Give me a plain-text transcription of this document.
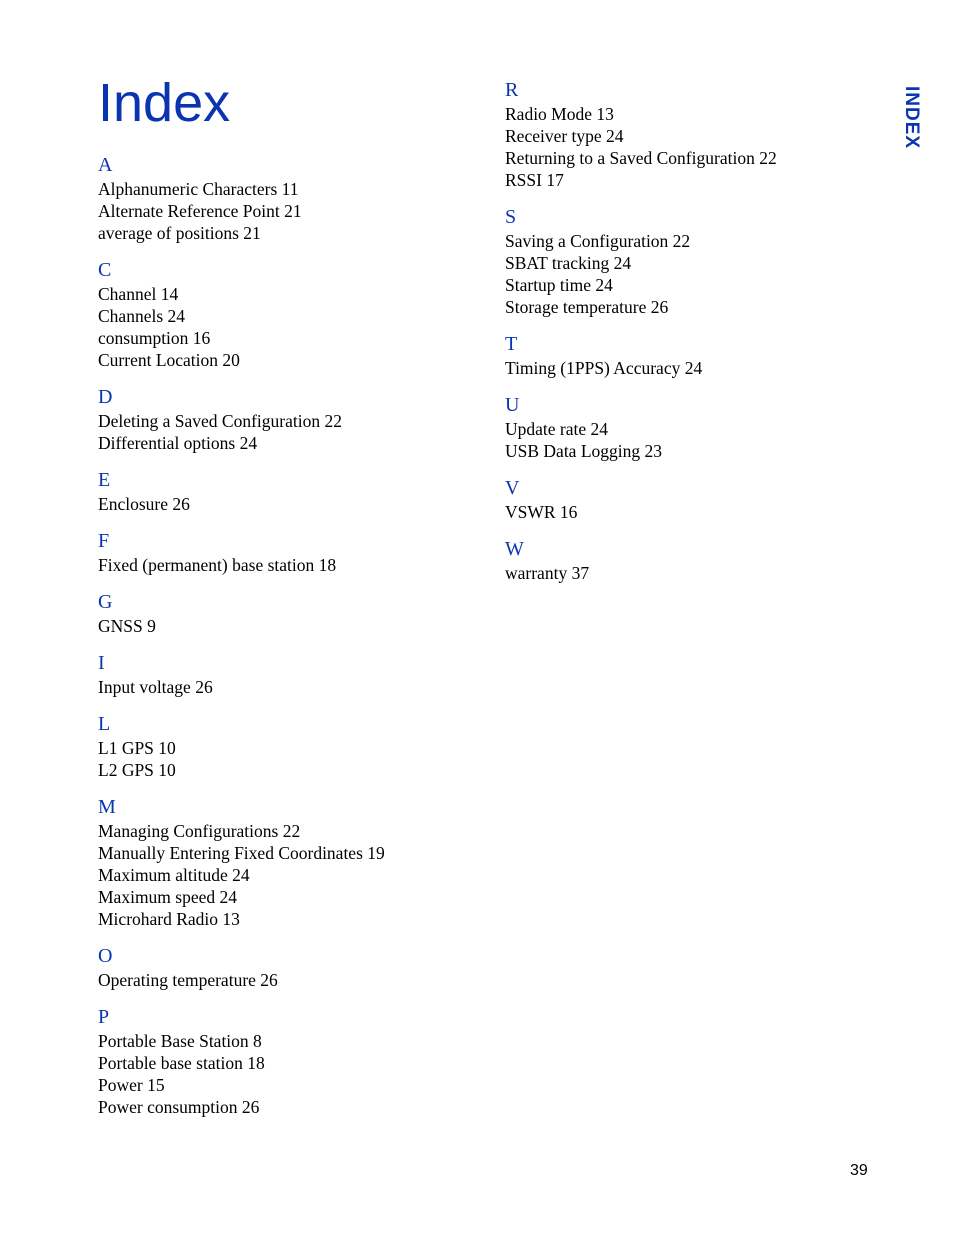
Index
A
Alphanumeric Characters 11
Alternate Reference Point 21
average of positions 21
C
Channel 14
Channels 24
consumption 16
Current Location 20
D
Deleting a Saved Configuration 22
Differential options 24
E
Enclosure 26
F
Fixed (permanent) base station 18
G
GNSS 9
I
Input voltage 26
L
L1 GPS 10
L2 GPS 10
M
Managing Configurations 22
Manually Entering Fixed Coordinates 19
Maximum altitude 24
Maximum speed 24
Microhard Radio 13
O
Operating temperature 26
P
Portable Base Station 8
Portable base station 18
Power 15
Power consumption 26
R
Radio Mode 13
Receiver type 24
Returning to a Saved Configuration 22
RSSI 17
S
Saving a Configuration 22
SBAT tracking 24
Startup time 24
Storage temperature 26
T
Timing (1PPS) Accuracy 24
U
Update rate 24
USB Data Logging 23
V
VSWR 16
W
warranty 37
INDEX
39
